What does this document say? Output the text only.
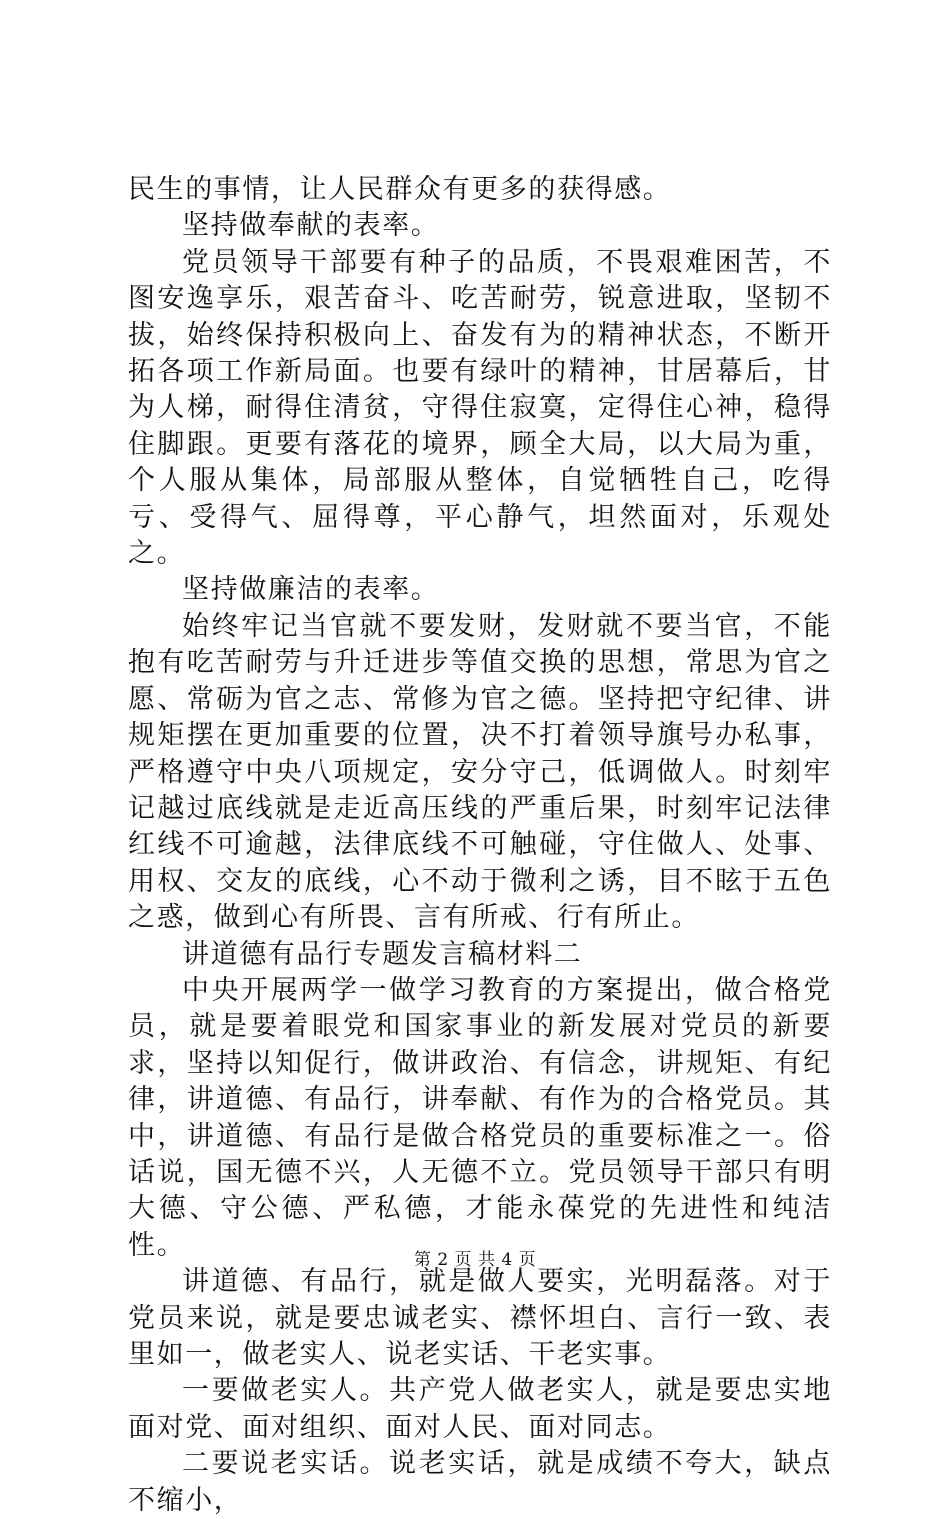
民生的事情，让人民群众有更多的获得感。

坚持做奉献的表率。

党员领导干部要有种子的品质，不畏艰难困苦，不图安逸享乐，艰苦奋斗、吃苦耐劳，锐意进取，坚韧不拔，始终保持积极向上、奋发有为的精神状态，不断开拓各项工作新局面。也要有绿叶的精神，甘居幕后，甘为人梯，耐得住清贫，守得住寂寞，定得住心神，稳得住脚跟。更要有落花的境界，顾全大局，以大局为重，个人服从集体，局部服从整体，自觉牺牲自己，吃得亏、受得气、屈得尊，平心静气，坦然面对，乐观处之。

坚持做廉洁的表率。

始终牢记当官就不要发财，发财就不要当官，不能抱有吃苦耐劳与升迁进步等值交换的思想，常思为官之愿、常砺为官之志、常修为官之德。坚持把守纪律、讲规矩摆在更加重要的位置，决不打着领导旗号办私事，严格遵守中央八项规定，安分守己，低调做人。时刻牢记越过底线就是走近高压线的严重后果，时刻牢记法律红线不可逾越，法律底线不可触碰，守住做人、处事、用权、交友的底线，心不动于微利之诱，目不眩于五色之惑，做到心有所畏、言有所戒、行有所止。

讲道德有品行专题发言稿材料二

中央开展两学一做学习教育的方案提出，做合格党员，就是要着眼党和国家事业的新发展对党员的新要求，坚持以知促行，做讲政治、有信念，讲规矩、有纪律，讲道德、有品行，讲奉献、有作为的合格党员。其中，讲道德、有品行是做合格党员的重要标准之一。俗话说，国无德不兴，人无德不立。党员领导干部只有明大德、守公德、严私德，才能永葆党的先进性和纯洁性。

讲道德、有品行，就是做人要实，光明磊落。对于党员来说，就是要忠诚老实、襟怀坦白、言行一致、表里如一，做老实人、说老实话、干老实事。

一要做老实人。共产党人做老实人，就是要忠实地面对党、面对组织、面对人民、面对同志。

二要说老实话。说老实话，就是成绩不夸大，缺点不缩小，

第 2 页 共 4 页
